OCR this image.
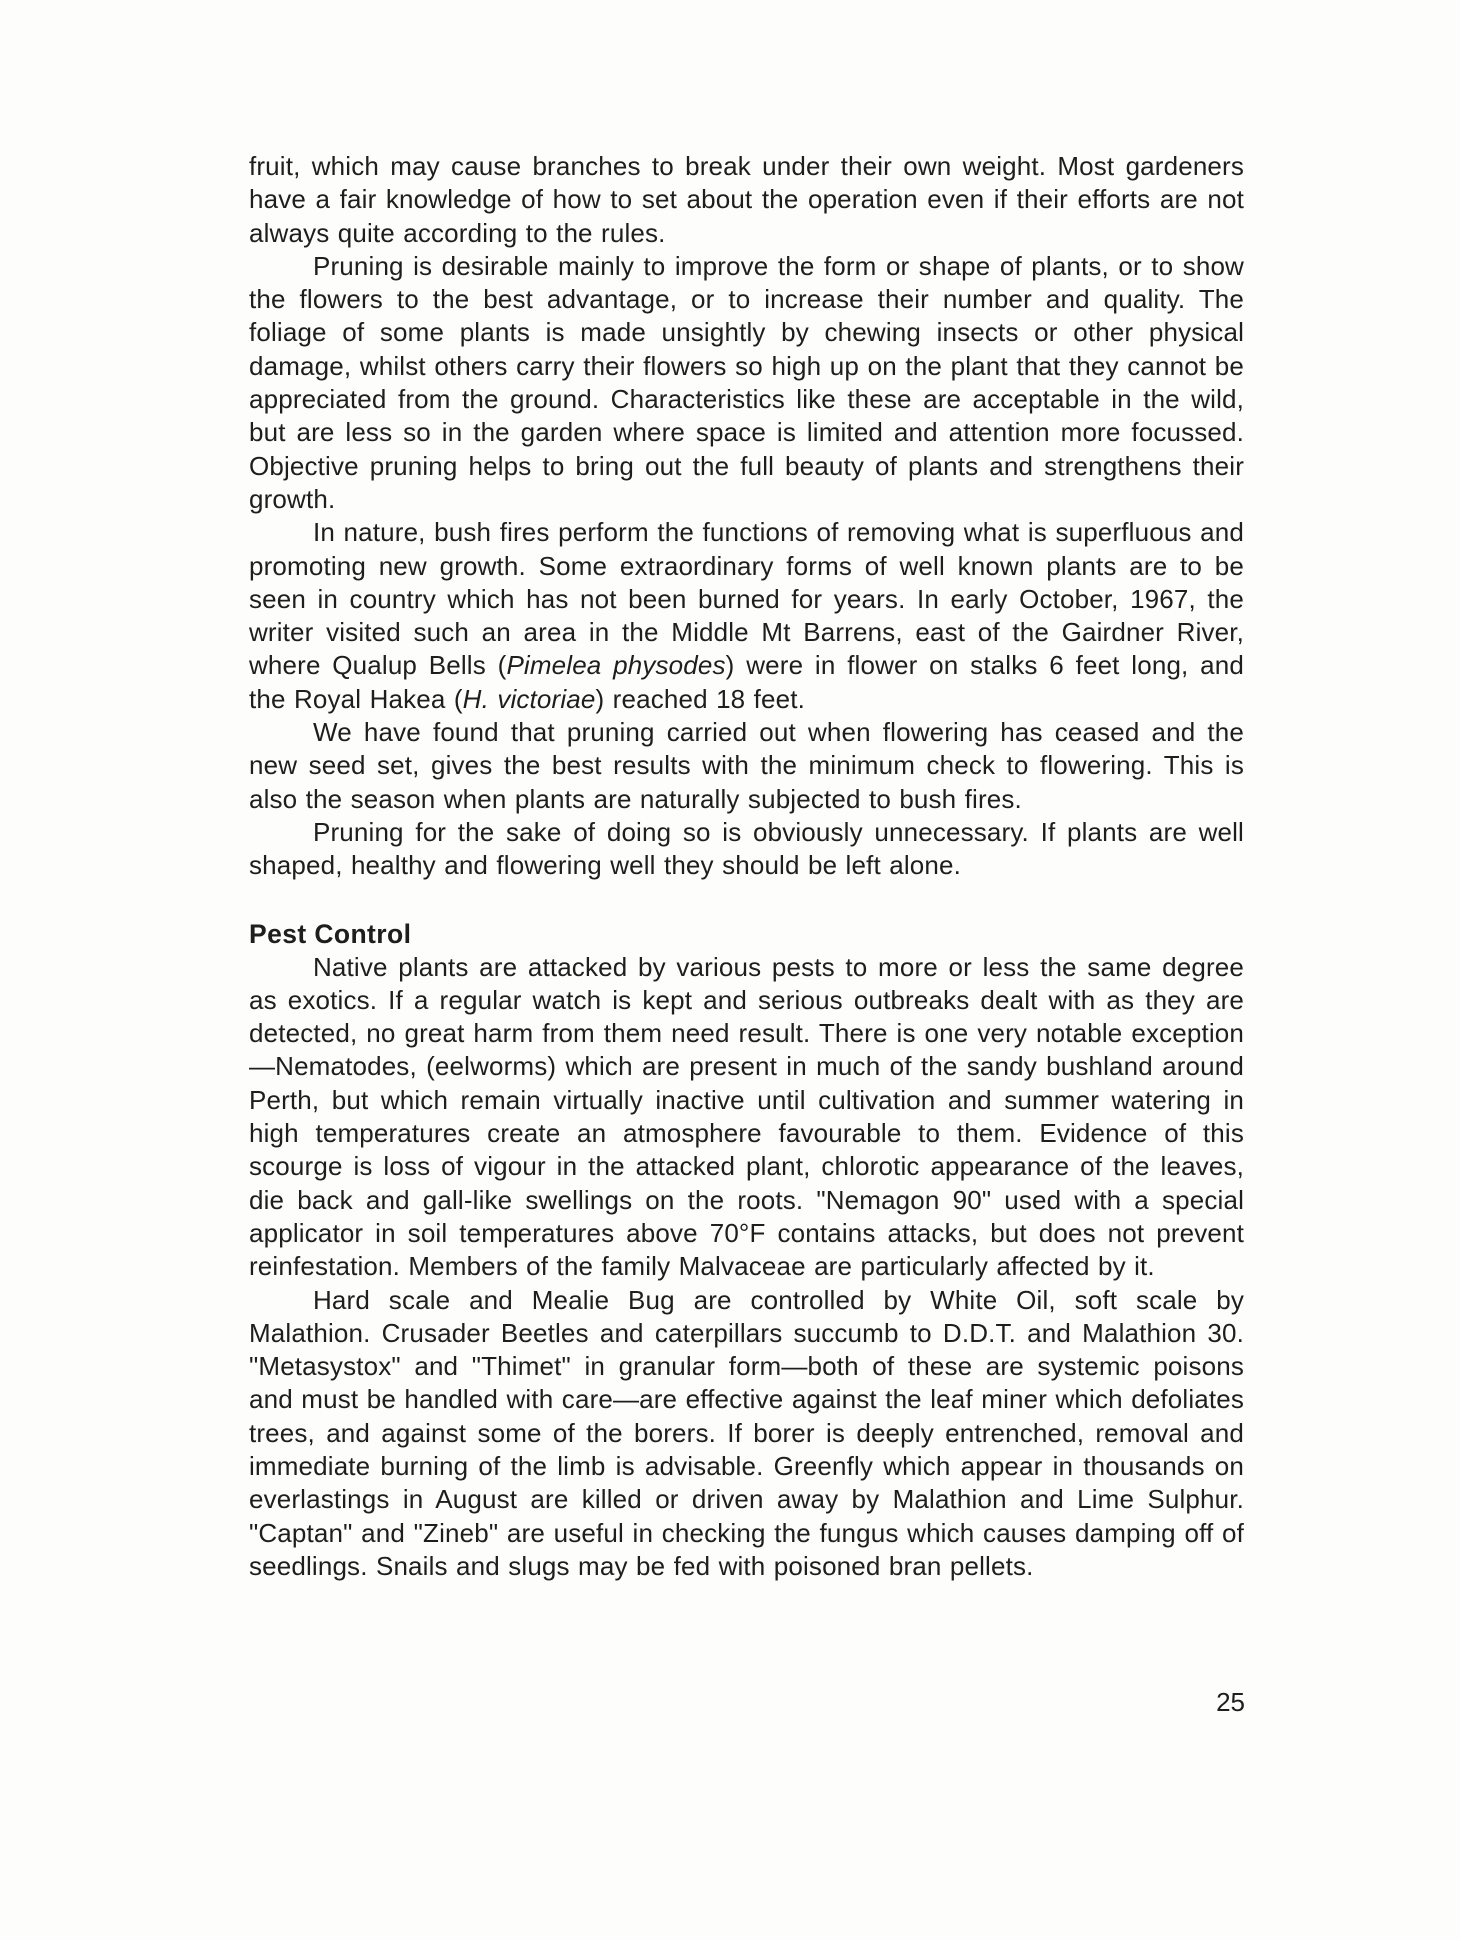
fruit, which may cause branches to break under their own weight. Most gardeners have a fair knowledge of how to set about the operation even if their efforts are not always quite according to the rules.

Pruning is desirable mainly to improve the form or shape of plants, or to show the flowers to the best advantage, or to increase their number and quality. The foliage of some plants is made unsightly by chewing insects or other physical damage, whilst others carry their flowers so high up on the plant that they cannot be appreciated from the ground. Characteristics like these are acceptable in the wild, but are less so in the garden where space is limited and attention more focussed. Objective pruning helps to bring out the full beauty of plants and strengthens their growth.

In nature, bush fires perform the functions of removing what is superfluous and promoting new growth. Some extraordinary forms of well known plants are to be seen in country which has not been burned for years. In early October, 1967, the writer visited such an area in the Middle Mt Barrens, east of the Gairdner River, where Qualup Bells (Pimelea physodes) were in flower on stalks 6 feet long, and the Royal Hakea (H. victoriae) reached 18 feet.

We have found that pruning carried out when flowering has ceased and the new seed set, gives the best results with the minimum check to flowering. This is also the season when plants are naturally subjected to bush fires.

Pruning for the sake of doing so is obviously unnecessary. If plants are well shaped, healthy and flowering well they should be left alone.

Pest Control

Native plants are attacked by various pests to more or less the same degree as exotics. If a regular watch is kept and serious outbreaks dealt with as they are detected, no great harm from them need result. There is one very notable exception—Nematodes, (eelworms) which are present in much of the sandy bushland around Perth, but which remain virtually inactive until cultivation and summer watering in high temperatures create an atmosphere favourable to them. Evidence of this scourge is loss of vigour in the attacked plant, chlorotic appearance of the leaves, die back and gall-like swellings on the roots. "Nemagon 90" used with a special applicator in soil temperatures above 70°F contains attacks, but does not prevent reinfestation. Members of the family Malvaceae are particularly affected by it.

Hard scale and Mealie Bug are controlled by White Oil, soft scale by Malathion. Crusader Beetles and caterpillars succumb to D.D.T. and Malathion 30. "Metasystox" and "Thimet" in granular form—both of these are systemic poisons and must be handled with care—are effective against the leaf miner which defoliates trees, and against some of the borers. If borer is deeply entrenched, removal and immediate burning of the limb is advisable. Greenfly which appear in thousands on everlastings in August are killed or driven away by Malathion and Lime Sulphur. "Captan" and "Zineb" are useful in checking the fungus which causes damping off of seedlings. Snails and slugs may be fed with poisoned bran pellets.

25
